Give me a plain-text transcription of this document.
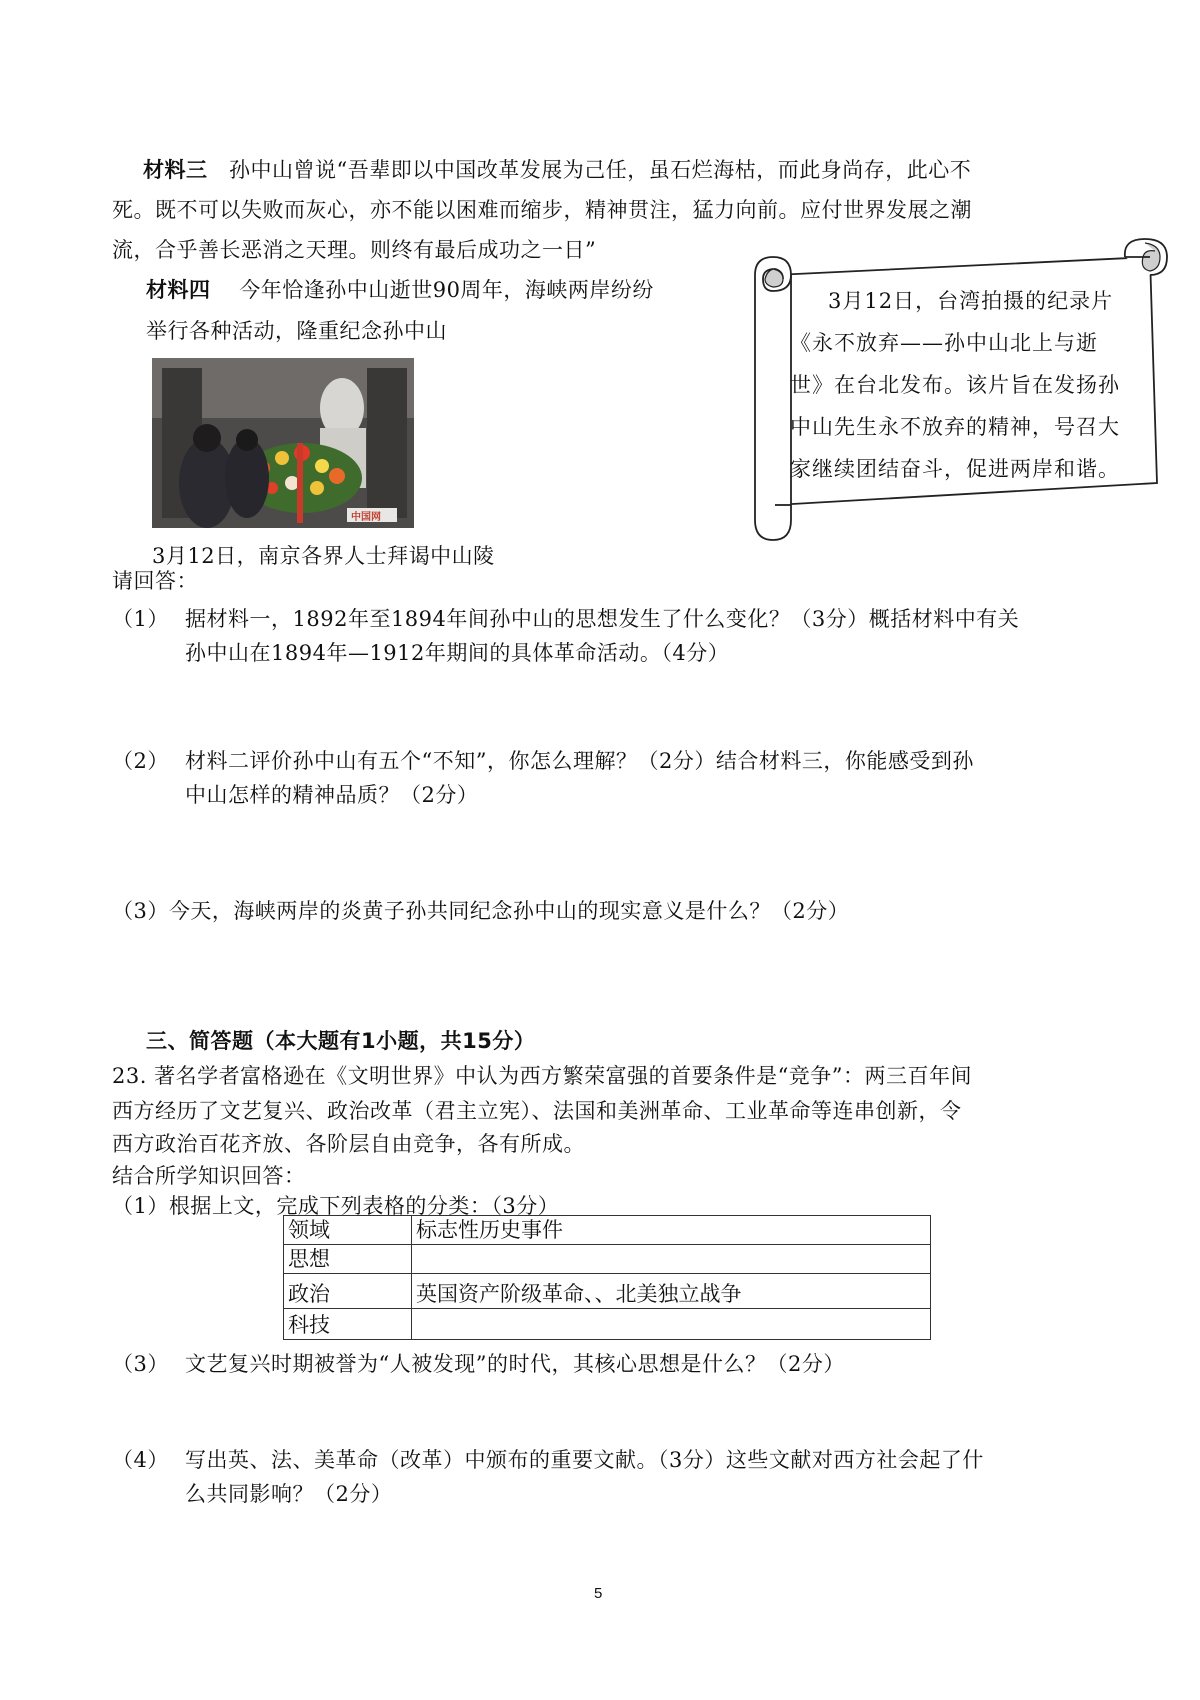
材料三 孙中山曾说“吾辈即以中国改革发展为己任，虽石烂海枯，而此身尚存，此心不
死。既不可以失败而灰心，亦不能以困难而缩步，精神贯注，猛力向前。应付世界发展之潮
流，合乎善长恶消之天理。则终有最后成功之一日”
材料四 今年恰逢孙中山逝世90周年，海峡两岸纷纷
举行各种活动，隆重纪念孙中山
中国网
3月12日，南京各界人士拜谒中山陵
3月12日，台湾拍摄的纪录片
《永不放弃——孙中山北上与逝
世》在台北发布。该片旨在发扬孙
中山先生永不放弃的精神，号召大
家继续团结奋斗，促进两岸和谐。
请回答：
（1） 据材料一，1892年至1894年间孙中山的思想发生了什么变化？（3分）概括材料中有关
孙中山在1894年—1912年期间的具体革命活动。（4分）
（2） 材料二评价孙中山有五个“不知”，你怎么理解？（2分）结合材料三，你能感受到孙
中山怎样的精神品质？（2分）
（3）今天，海峡两岸的炎黄子孙共同纪念孙中山的现实意义是什么？（2分）
三、简答题（本大题有1小题，共15分）
23. 著名学者富格逊在《文明世界》中认为西方繁荣富强的首要条件是“竞争”：两三百年间
西方经历了文艺复兴、政治改革（君主立宪）、法国和美洲革命、工业革命等连串创新，令
西方政治百花齐放、各阶层自由竞争，各有所成。
结合所学知识回答：
（1）根据上文，完成下列表格的分类：（3分）
领域	标志性历史事件
思想	
政治	英国资产阶级革命、、北美独立战争
科技	
（3） 文艺复兴时期被誉为“人被发现”的时代，其核心思想是什么？（2分）
（4） 写出英、法、美革命（改革）中颁布的重要文献。（3分）这些文献对西方社会起了什
么共同影响？（2分）
5
